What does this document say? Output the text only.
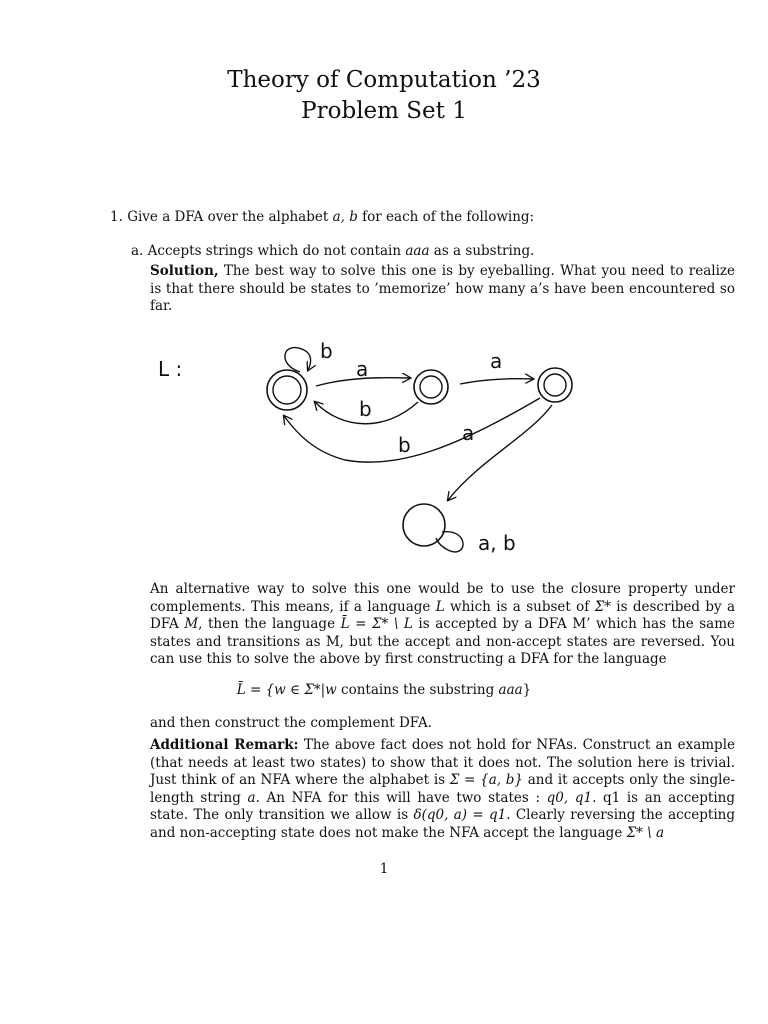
Theory of Computation ’23
Problem Set 1
1. Give a DFA over the alphabet a, b for each of the following:
a. Accepts strings which do not contain aaa as a substring.
Solution, The best way to solve this one is by eyeballing. What you need to realize is that there should be states to ’memorize’ how many a’s have been encountered so far.
L :
b
a
b
a
b	a
a, b
An alternative way to solve this one would be to use the closure property under complements. This means, if a language L which is a subset of Σ* is described by a DFA M, then the language L̄ = Σ* \ L is accepted by a DFA M’ which has the same states and transitions as M, but the accept and non-accept states are reversed. You can use this to solve the above by first constructing a DFA for the language
L̄ = {w ∈ Σ*|w contains the substring aaa}
and then construct the complement DFA.
Additional Remark: The above fact does not hold for NFAs. Construct an example (that needs at least two states) to show that it does not. The solution here is trivial. Just think of an NFA where the alphabet is Σ = {a, b} and it accepts only the single-length string a. An NFA for this will have two states : q0, q1. q1 is an accepting state. The only transition we allow is δ(q0, a) = q1. Clearly reversing the accepting and non-accepting state does not make the NFA accept the language Σ* \ a
1
